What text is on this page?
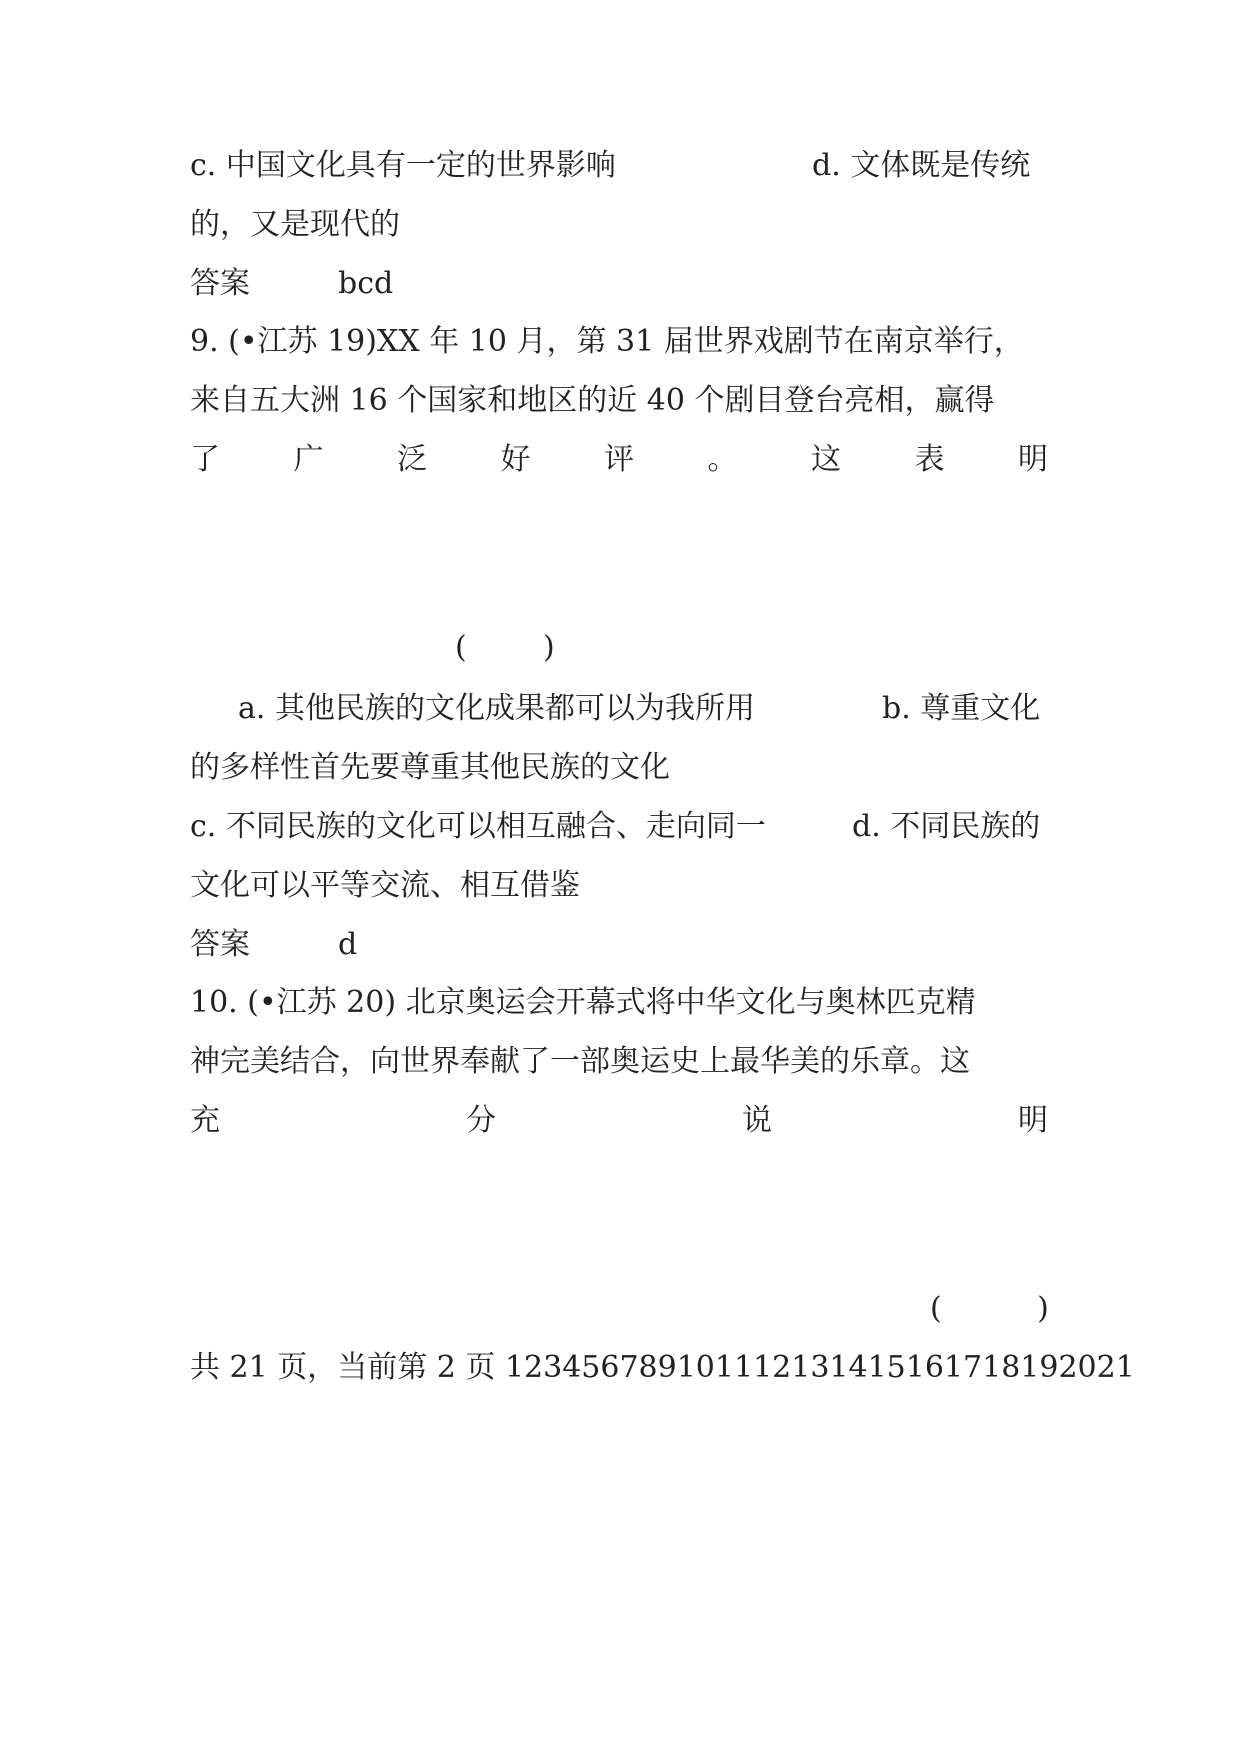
c. 中国文化具有一定的世界影响	d. 文体既是传统
的，又是现代的
答案	bcd
9. (•江苏 19)XX 年 10 月，第 31 届世界戏剧节在南京举行，
来自五大洲 16 个国家和地区的近 40 个剧目登台亮相，赢得
了 广 泛 好 评 。 这 表 明
(        )
a. 其他民族的文化成果都可以为我所用	b. 尊重文化
的多样性首先要尊重其他民族的文化
c. 不同民族的文化可以相互融合、走向同一	d. 不同民族的
文化可以平等交流、相互借鉴
答案	d
10. (•江苏 20) 北京奥运会开幕式将中华文化与奥林匹克精
神完美结合，向世界奉献了一部奥运史上最华美的乐章。这
充	分	说	明
(          )
共 21 页，当前第 2 页 123456789101112131415161718192021
